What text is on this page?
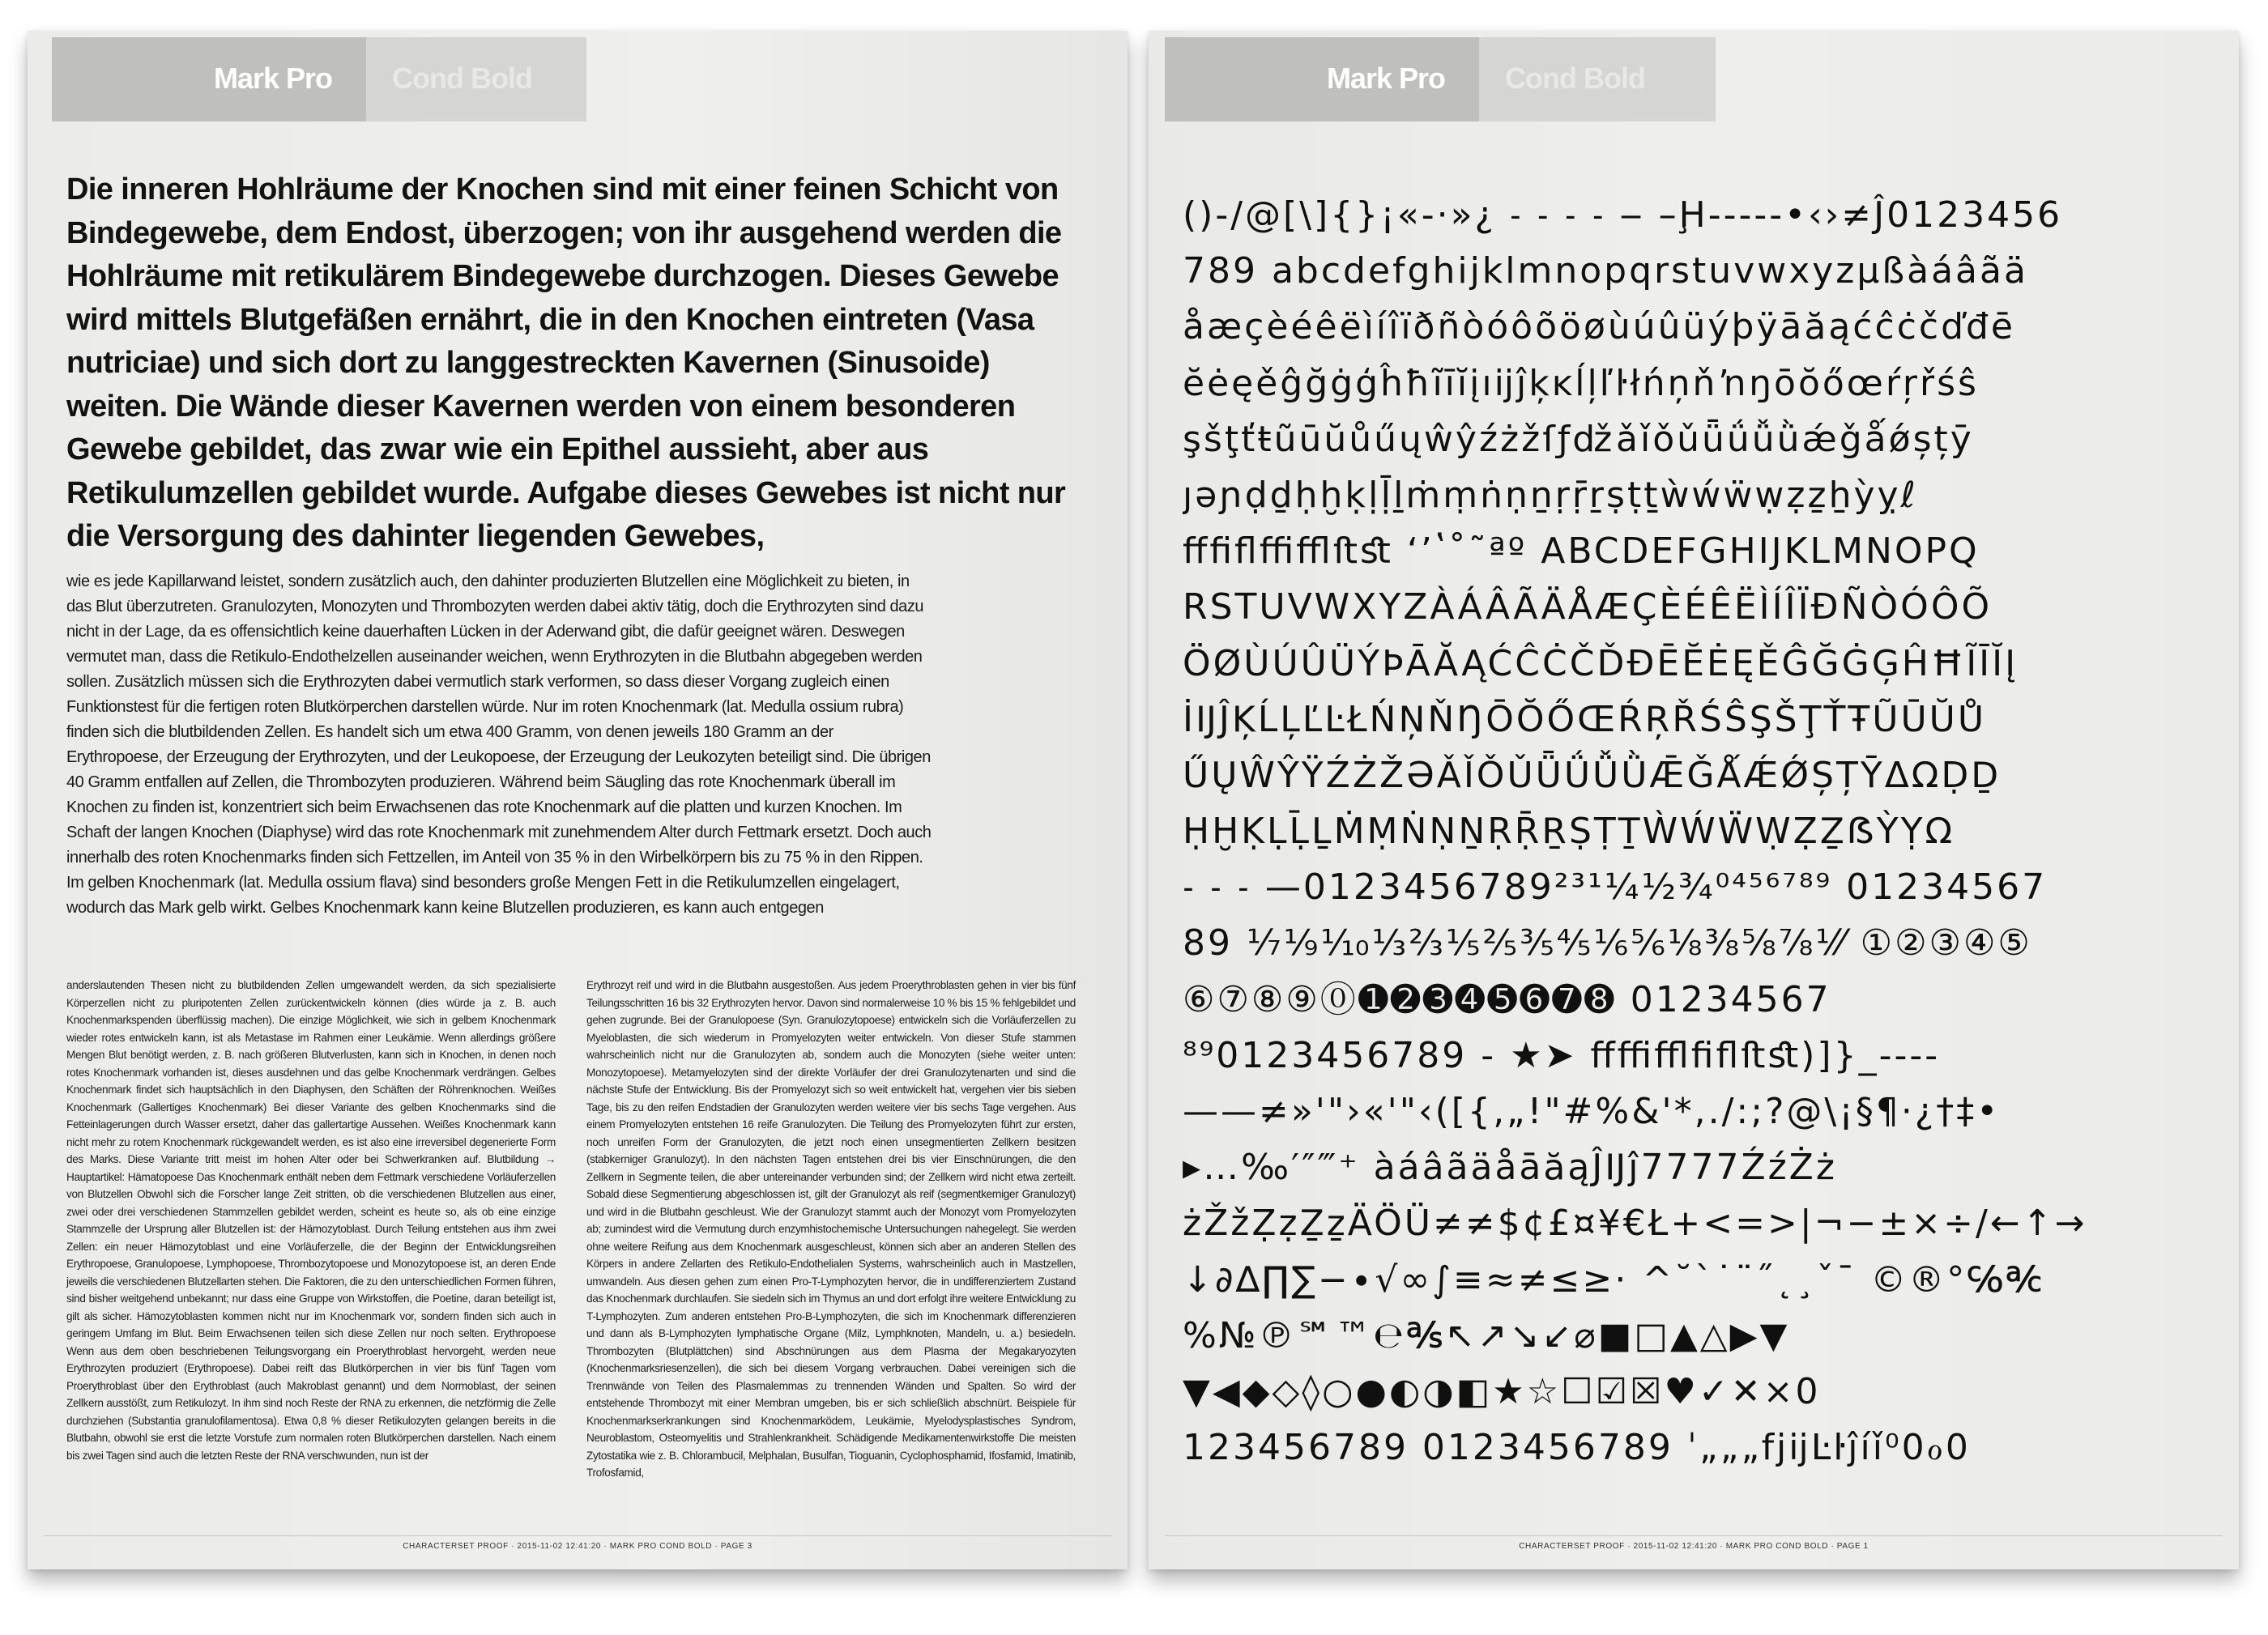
Mark Pro Cond Bold

Die inneren Hohlräume der Knochen sind mit einer feinen Schicht von Bindegewebe, dem Endost, überzogen; von ihr ausgehend werden die Hohlräume mit retikulärem Bindegewebe durchzogen. Dieses Gewebe wird mittels Blutgefäßen ernährt, die in den Knochen eintreten (Vasa nutriciae) und sich dort zu langgestreckten Kavernen (Sinusoide) weiten. Die Wände dieser Kavernen werden von einem besonderen Gewebe gebildet, das zwar wie ein Epithel aussieht, aber aus Retikulumzellen gebildet wurde. Aufgabe dieses Gewebes ist nicht nur die Versorgung des dahinter liegenden Gewebes,

wie es jede Kapillarwand leistet, sondern zusätzlich auch, den dahinter produzierten Blutzellen eine Möglichkeit zu bieten, in das Blut überzutreten. Granulozyten, Monozyten und Thrombozyten werden dabei aktiv tätig, doch die Erythrozyten sind dazu nicht in der Lage, da es offensichtlich keine dauerhaften Lücken in der Aderwand gibt, die dafür geeignet wären. Deswegen vermutet man, dass die Retikulo-Endothelzellen auseinander weichen, wenn Erythrozyten in die Blutbahn abgegeben werden sollen. Zusätzlich müssen sich die Erythrozyten dabei vermutlich stark verformen, so dass dieser Vorgang zugleich einen Funktionstest für die fertigen roten Blutkörperchen darstellen würde. Nur im roten Knochenmark (lat. Medulla ossium rubra) finden sich die blutbildenden Zellen. Es handelt sich um etwa 400 Gramm, von denen jeweils 180 Gramm an der Erythropoese, der Erzeugung der Erythrozyten, und der Leukopoese, der Erzeugung der Leukozyten beteiligt sind. Die übrigen 40 Gramm entfallen auf Zellen, die Thrombozyten produzieren. Während beim Säugling das rote Knochenmark überall im Knochen zu finden ist, konzentriert sich beim Erwachsenen das rote Knochenmark auf die platten und kurzen Knochen. Im Schaft der langen Knochen (Diaphyse) wird das rote Knochenmark mit zunehmendem Alter durch Fettmark ersetzt. Doch auch innerhalb des roten Knochenmarks finden sich Fettzellen, im Anteil von 35 % in den Wirbelkörpern bis zu 75 % in den Rippen. Im gelben Knochenmark (lat. Medulla ossium flava) sind besonders große Mengen Fett in die Retikulumzellen eingelagert, wodurch das Mark gelb wirkt. Gelbes Knochenmark kann keine Blutzellen produzieren, es kann auch entgegen

anderslautenden Thesen nicht zu blutbildenden Zellen umgewandelt werden, da sich spezialisierte Körperzellen nicht zu pluripotenten Zellen zurückentwickeln können (dies würde ja z. B. auch Knochenmarkspenden überflüssig machen). Die einzige Möglichkeit, wie sich in gelbem Knochenmark wieder rotes entwickeln kann, ist als Metastase im Rahmen einer Leukämie. Wenn allerdings größere Mengen Blut benötigt werden, z. B. nach größeren Blutverlusten, kann sich in Knochen, in denen noch rotes Knochenmark vorhanden ist, dieses ausdehnen und das gelbe Knochenmark verdrängen. Gelbes Knochenmark findet sich hauptsächlich in den Diaphysen, den Schäften der Röhrenknochen. Weißes Knochenmark (Gallertiges Knochenmark) Bei dieser Variante des gelben Knochenmarks sind die Fetteinlagerungen durch Wasser ersetzt, daher das gallertartige Aussehen. Weißes Knochenmark kann nicht mehr zu rotem Knochenmark rückgewandelt werden, es ist also eine irreversibel degenerierte Form des Marks. Diese Variante tritt meist im hohen Alter oder bei Schwerkranken auf. Blutbildung → Hauptartikel: Hämatopoese Das Knochenmark enthält neben dem Fettmark verschiedene Vorläuferzellen von Blutzellen Obwohl sich die Forscher lange Zeit stritten, ob die verschiedenen Blutzellen aus einer, zwei oder drei verschiedenen Stammzellen gebildet werden, scheint es heute so, als ob eine einzige Stammzelle der Ursprung aller Blutzellen ist: der Hämozytoblast. Durch Teilung entstehen aus ihm zwei Zellen: ein neuer Hämozytoblast und eine Vorläuferzelle, die der Beginn der Entwicklungsreihen Erythropoese, Granulopoese, Lymphopoese, Thrombozytopoese und Monozytopoese ist, an deren Ende jeweils die verschiedenen Blutzellarten stehen. Die Faktoren, die zu den unterschiedlichen Formen führen, sind bisher weitgehend unbekannt; nur dass eine Gruppe von Wirkstoffen, die Poetine, daran beteiligt ist, gilt als sicher. Hämozytoblasten kommen nicht nur im Knochenmark vor, sondern finden sich auch in geringem Umfang im Blut. Beim Erwachsenen teilen sich diese Zellen nur noch selten. Erythropoese Wenn aus dem oben beschriebenen Teilungsvorgang ein Proerythroblast hervorgeht, werden neue Erythrozyten produziert (Erythropoese). Dabei reift das Blutkörperchen in vier bis fünf Tagen vom Proerythroblast über den Erythroblast (auch Makroblast genannt) und dem Normoblast, der seinen Zellkern ausstößt, zum Retikulozyt. In ihm sind noch Reste der RNA zu erkennen, die netzförmig die Zelle durchziehen (Substantia granulofilamentosa). Etwa 0,8 % dieser Retikulozyten gelangen bereits in die Blutbahn, obwohl sie erst die letzte Vorstufe zum normalen roten Blutkörperchen darstellen. Nach einem bis zwei Tagen sind auch die letzten Reste der RNA verschwunden, nun ist der

Erythrozyt reif und wird in die Blutbahn ausgestoßen. Aus jedem Proerythroblasten gehen in vier bis fünf Teilungsschritten 16 bis 32 Erythrozyten hervor. Davon sind normalerweise 10 % bis 15 % fehlgebildet und gehen zugrunde. Bei der Granulopoese (Syn. Granulozytopoese) entwickeln sich die Vorläuferzellen zu Myeloblasten, die sich wiederum in Promyelozyten weiter entwickeln. Von dieser Stufe stammen wahrscheinlich nicht nur die Granulozyten ab, sondern auch die Monozyten (siehe weiter unten: Monozytopoese). Metamyelozyten sind der direkte Vorläufer der drei Granulozytenarten und sind die nächste Stufe der Entwicklung. Bis der Promyelozyt sich so weit entwickelt hat, vergehen vier bis sieben Tage, bis zu den reifen Endstadien der Granulozyten werden weitere vier bis sechs Tage vergehen. Aus einem Promyelozyten entstehen 16 reife Granulozyten. Die Teilung des Promyelozyten führt zur ersten, noch unreifen Form der Granulozyten, die jetzt noch einen unsegmentierten Zellkern besitzen (stabkerniger Granulozyt). In den nächsten Tagen entstehen drei bis vier Einschnürungen, die den Zellkern in Segmente teilen, die aber untereinander verbunden sind; der Zellkern wird nicht etwa zerteilt. Sobald diese Segmentierung abgeschlossen ist, gilt der Granulozyt als reif (segmentkerniger Granulozyt) und wird in die Blutbahn geschleust. Wie der Granulozyt stammt auch der Monozyt vom Promyelozyten ab; zumindest wird die Vermutung durch enzymhistochemische Untersuchungen nahegelegt. Sie werden ohne weitere Reifung aus dem Knochenmark ausgeschleust, können sich aber an anderen Stellen des Körpers in andere Zellarten des Retikulo-Endothelialen Systems, wahrscheinlich auch in Mastzellen, umwandeln. Aus diesen gehen zum einen Pro-T-Lymphozyten hervor, die in undifferenziertem Zustand das Knochenmark durchlaufen. Sie siedeln sich im Thymus an und dort erfolgt ihre weitere Entwicklung zu T-Lymphozyten. Zum anderen entstehen Pro-B-Lymphozyten, die sich im Knochenmark differenzieren und dann als B-Lymphozyten lymphatische Organe (Milz, Lymphknoten, Mandeln, u. a.) besiedeln. Thrombozyten (Blutplättchen) sind Abschnürungen aus dem Plasma der Megakaryozyten (Knochenmarksriesenzellen), die sich bei diesem Vorgang verbrauchen. Dabei vereinigen sich die Trennwände von Teilen des Plasmalemmas zu trennenden Wänden und Spalten. So wird der entstehende Thrombozyt mit einer Membran umgeben, bis er sich schließlich abschnürt. Beispiele für Knochenmarkserkrankungen sind Knochenmarködem, Leukämie, Myelodysplastisches Syndrom, Neuroblastom, Osteomyelitis und Strahlenkrankheit. Schädigende Medikamentenwirkstoffe Die meisten Zytostatika wie z. B. Chlorambucil, Melphalan, Busulfan, Tioguanin, Cyclophosphamid, Ifosfamid, Imatinib, Trofosfamid,

CHARACTERSET PROOF · 2015-11-02 12:41:20 · MARK PRO COND BOLD · PAGE 3
Mark Pro Cond Bold
()-/@[\]{}¡«-·»¿ ˗ ˗ ˗ ˗ ‒ –Ḩ-----•‹›≠Ĵ0123456
789 abcdefghijklmnopqrstuvwxyzµßàáâãä
åæçèéêëìíîïðñòóôõöøùúûüýþÿāăąćĉċčďđē
ĕėęěĝğġģĥħĩīĭįıĳĵķĸĺļľŀłńņňŉŋōŏőœŕŗřśŝ
şšţťŧũūŭůűųŵŷźżžſƒǆǎǐǒǔǖǘǚǜǽǧǻǿșțȳ
ȷəɲḍḏḥḫḳḷḹḻṁṃṅṇṉṛṝṟṣṭṯẁẃẅẉẓẕẖỳỵℓ
ﬀﬁﬂﬃﬄﬅﬆ ʻʼʽ˚˜ªº ABCDEFGHIJKLMNOPQ
RSTUVWXYZÀÁÂÃÄÅÆÇÈÉÊËÌÍÎÏÐÑÒÓÔÕ
ÖØÙÚÛÜÝÞĀĂĄĆĈĊČĎĐĒĔĖĘĚĜĞĠĢĤĦĨĪĬĮ
İĲĴĶĹĻĽĿŁŃŅŇŊŌŎŐŒŔŖŘŚŜŞŠŢŤŦŨŪŬŮ
ŰŲŴŶŸŹŻŽƏǍǏǑǓǕǗǙǛǢǦǺǼǾȘȚȲΔΩḌḎ
ḤḪḲḶḸḺṀṂṄṆṈṚṜṞṢṬṮẀẂẄẈẒẔẞỲỴΩ
˗ ˗ ˗ —0123456789²³¹¼½¾⁰⁴⁵⁶⁷⁸⁹ 01234567
89 ⅐⅑⅒⅓⅔⅕⅖⅗⅘⅙⅚⅛⅜⅝⅞⅟⁄ ①②③④⑤
⑥⑦⑧⑨⓪➊➋➌➍➎➏➐➑ 01234567
⁸⁹0123456789 - ★➤ ﬀﬃﬄﬁﬂﬅﬆ)]}_----
——≠»'"›«'"‹([{‚„!"#%&'*,./:;?@\¡§¶·¿†‡•
▸…‰′″‴⁺ àáâãäåāăąĴĲĵ7777ŹźŻż
żŽžẒẓẔẕÄÖÜ≠≠$¢£¤¥€Ł+<=>|¬−±×÷/←↑→
↓∂∆∏∑−∙√∞∫≡≈≠≤≥· ^˘`˙¨˝˛¸ˇ¯ ©®°℅℀
%№℗℠™℮℁↖↗↘↙⌀■□▲△▶▼
▼◀◆◇◊○●◐◑◧★☆☐☑☒♥✓✕×0
123456789 0123456789 ˈ„„„fjĳĿŀĵíǐ⁰0ℴ0
CHARACTERSET PROOF · 2015-11-02 12:41:20 · MARK PRO COND BOLD · PAGE 1
